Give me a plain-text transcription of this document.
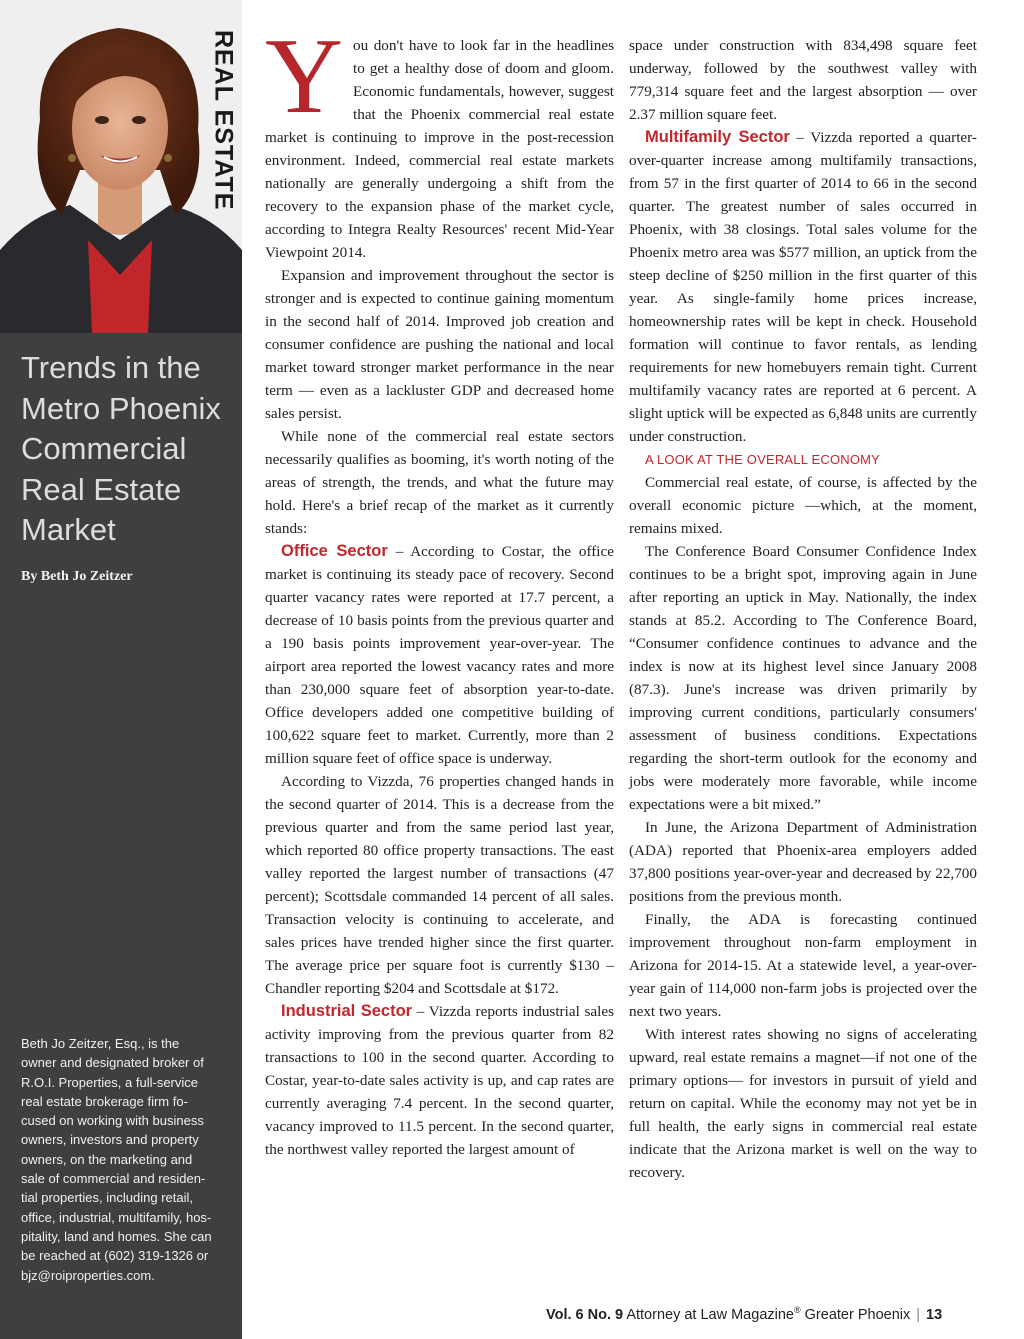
REAL ESTATE
Trends in the
Metro Phoenix
Commercial
Real Estate
Market
By Beth Jo Zeitzer
Beth Jo Zeitzer, Esq., is the
owner and designated broker of
R.O.I. Properties, a full-service
real estate brokerage firm fo-
cused on working with business
owners, investors and property
owners, on the marketing and
sale of commercial and residen-
tial properties, including retail,
office, industrial, multifamily, hos-
pitality, land and homes. She can
be reached at (602) 319-1326 or
bjz@roiproperties.com.

You don't have to look far in the headlines to get a healthy dose of doom and gloom. Economic fundamentals, however, suggest that the Phoenix commercial real estate market is continuing to improve in the post-recession environment. Indeed, commercial real estate markets nationally are generally undergoing a shift from the recovery to the expansion phase of the market cycle, according to Integra Realty Resources' recent Mid-Year Viewpoint 2014.

Expansion and improvement throughout the sector is stronger and is expected to continue gaining momentum in the second half of 2014. Improved job creation and consumer confidence are pushing the national and local market toward stronger market performance in the near term — even as a lackluster GDP and decreased home sales persist.

While none of the commercial real estate sectors necessarily qualifies as booming, it's worth noting of the areas of strength, the trends, and what the future may hold. Here's a brief recap of the market as it currently stands:

Office Sector – According to Costar, the office market is continuing its steady pace of recovery. Second quarter vacancy rates were reported at 17.7 percent, a decrease of 10 basis points from the previous quarter and a 190 basis points improvement year-over-year. The airport area reported the lowest vacancy rates and more than 230,000 square feet of absorption year-to-date. Office developers added one competitive building of 100,622 square feet to market. Currently, more than 2 million square feet of office space is underway.

According to Vizzda, 76 properties changed hands in the second quarter of 2014. This is a decrease from the previous quarter and from the same period last year, which reported 80 office property transactions. The east valley reported the largest number of transactions (47 percent); Scottsdale commanded 14 percent of all sales. Transaction velocity is continuing to accelerate, and sales prices have trended higher since the first quarter. The average price per square foot is currently $130 – Chandler reporting $204 and Scottsdale at $172.

Industrial Sector – Vizzda reports industrial sales activity improving from the previous quarter from 82 transactions to 100 in the second quarter. According to Costar, year-to-date sales activity is up, and cap rates are currently averaging 7.4 percent. In the second quarter, vacancy improved to 11.5 percent. In the second quarter, the northwest valley reported the largest amount of

space under construction with 834,498 square feet underway, followed by the southwest valley with 779,314 square feet and the largest absorption — over 2.37 million square feet.

Multifamily Sector – Vizzda reported a quarter-over-quarter increase among multifamily transactions, from 57 in the first quarter of 2014 to 66 in the second quarter. The greatest number of sales occurred in Phoenix, with 38 closings. Total sales volume for the Phoenix metro area was $577 million, an uptick from the steep decline of $250 million in the first quarter of this year. As single-family home prices increase, homeownership rates will be kept in check. Household formation will continue to favor rentals, as lending requirements for new homebuyers remain tight. Current multifamily vacancy rates are reported at 6 percent. A slight uptick will be expected as 6,848 units are currently under construction.

A LOOK AT THE OVERALL ECONOMY

Commercial real estate, of course, is affected by the overall economic picture —which, at the moment, remains mixed.

The Conference Board Consumer Confidence Index continues to be a bright spot, improving again in June after reporting an uptick in May. Nationally, the index stands at 85.2. According to The Conference Board, “Consumer confidence continues to advance and the index is now at its highest level since January 2008 (87.3). June's increase was driven primarily by improving current conditions, particularly consumers' assessment of business conditions. Expectations regarding the short-term outlook for the economy and jobs were moderately more favorable, while income expectations were a bit mixed.”

In June, the Arizona Department of Administration (ADA) reported that Phoenix-area employers added 37,800 positions year-over-year and decreased by 22,700 positions from the previous month.

Finally, the ADA is forecasting continued improvement throughout non-farm employment in Arizona for 2014-15. At a statewide level, a year-over-year gain of 114,000 non-farm jobs is projected over the next two years.

With interest rates showing no signs of accelerating upward, real estate remains a magnet—if not one of the primary options— for investors in pursuit of yield and return on capital. While the economy may not yet be in full health, the early signs in commercial real estate indicate that the Arizona market is well on the way to recovery.

Vol. 6 No. 9 Attorney at Law Magazine® Greater Phoenix | 13
